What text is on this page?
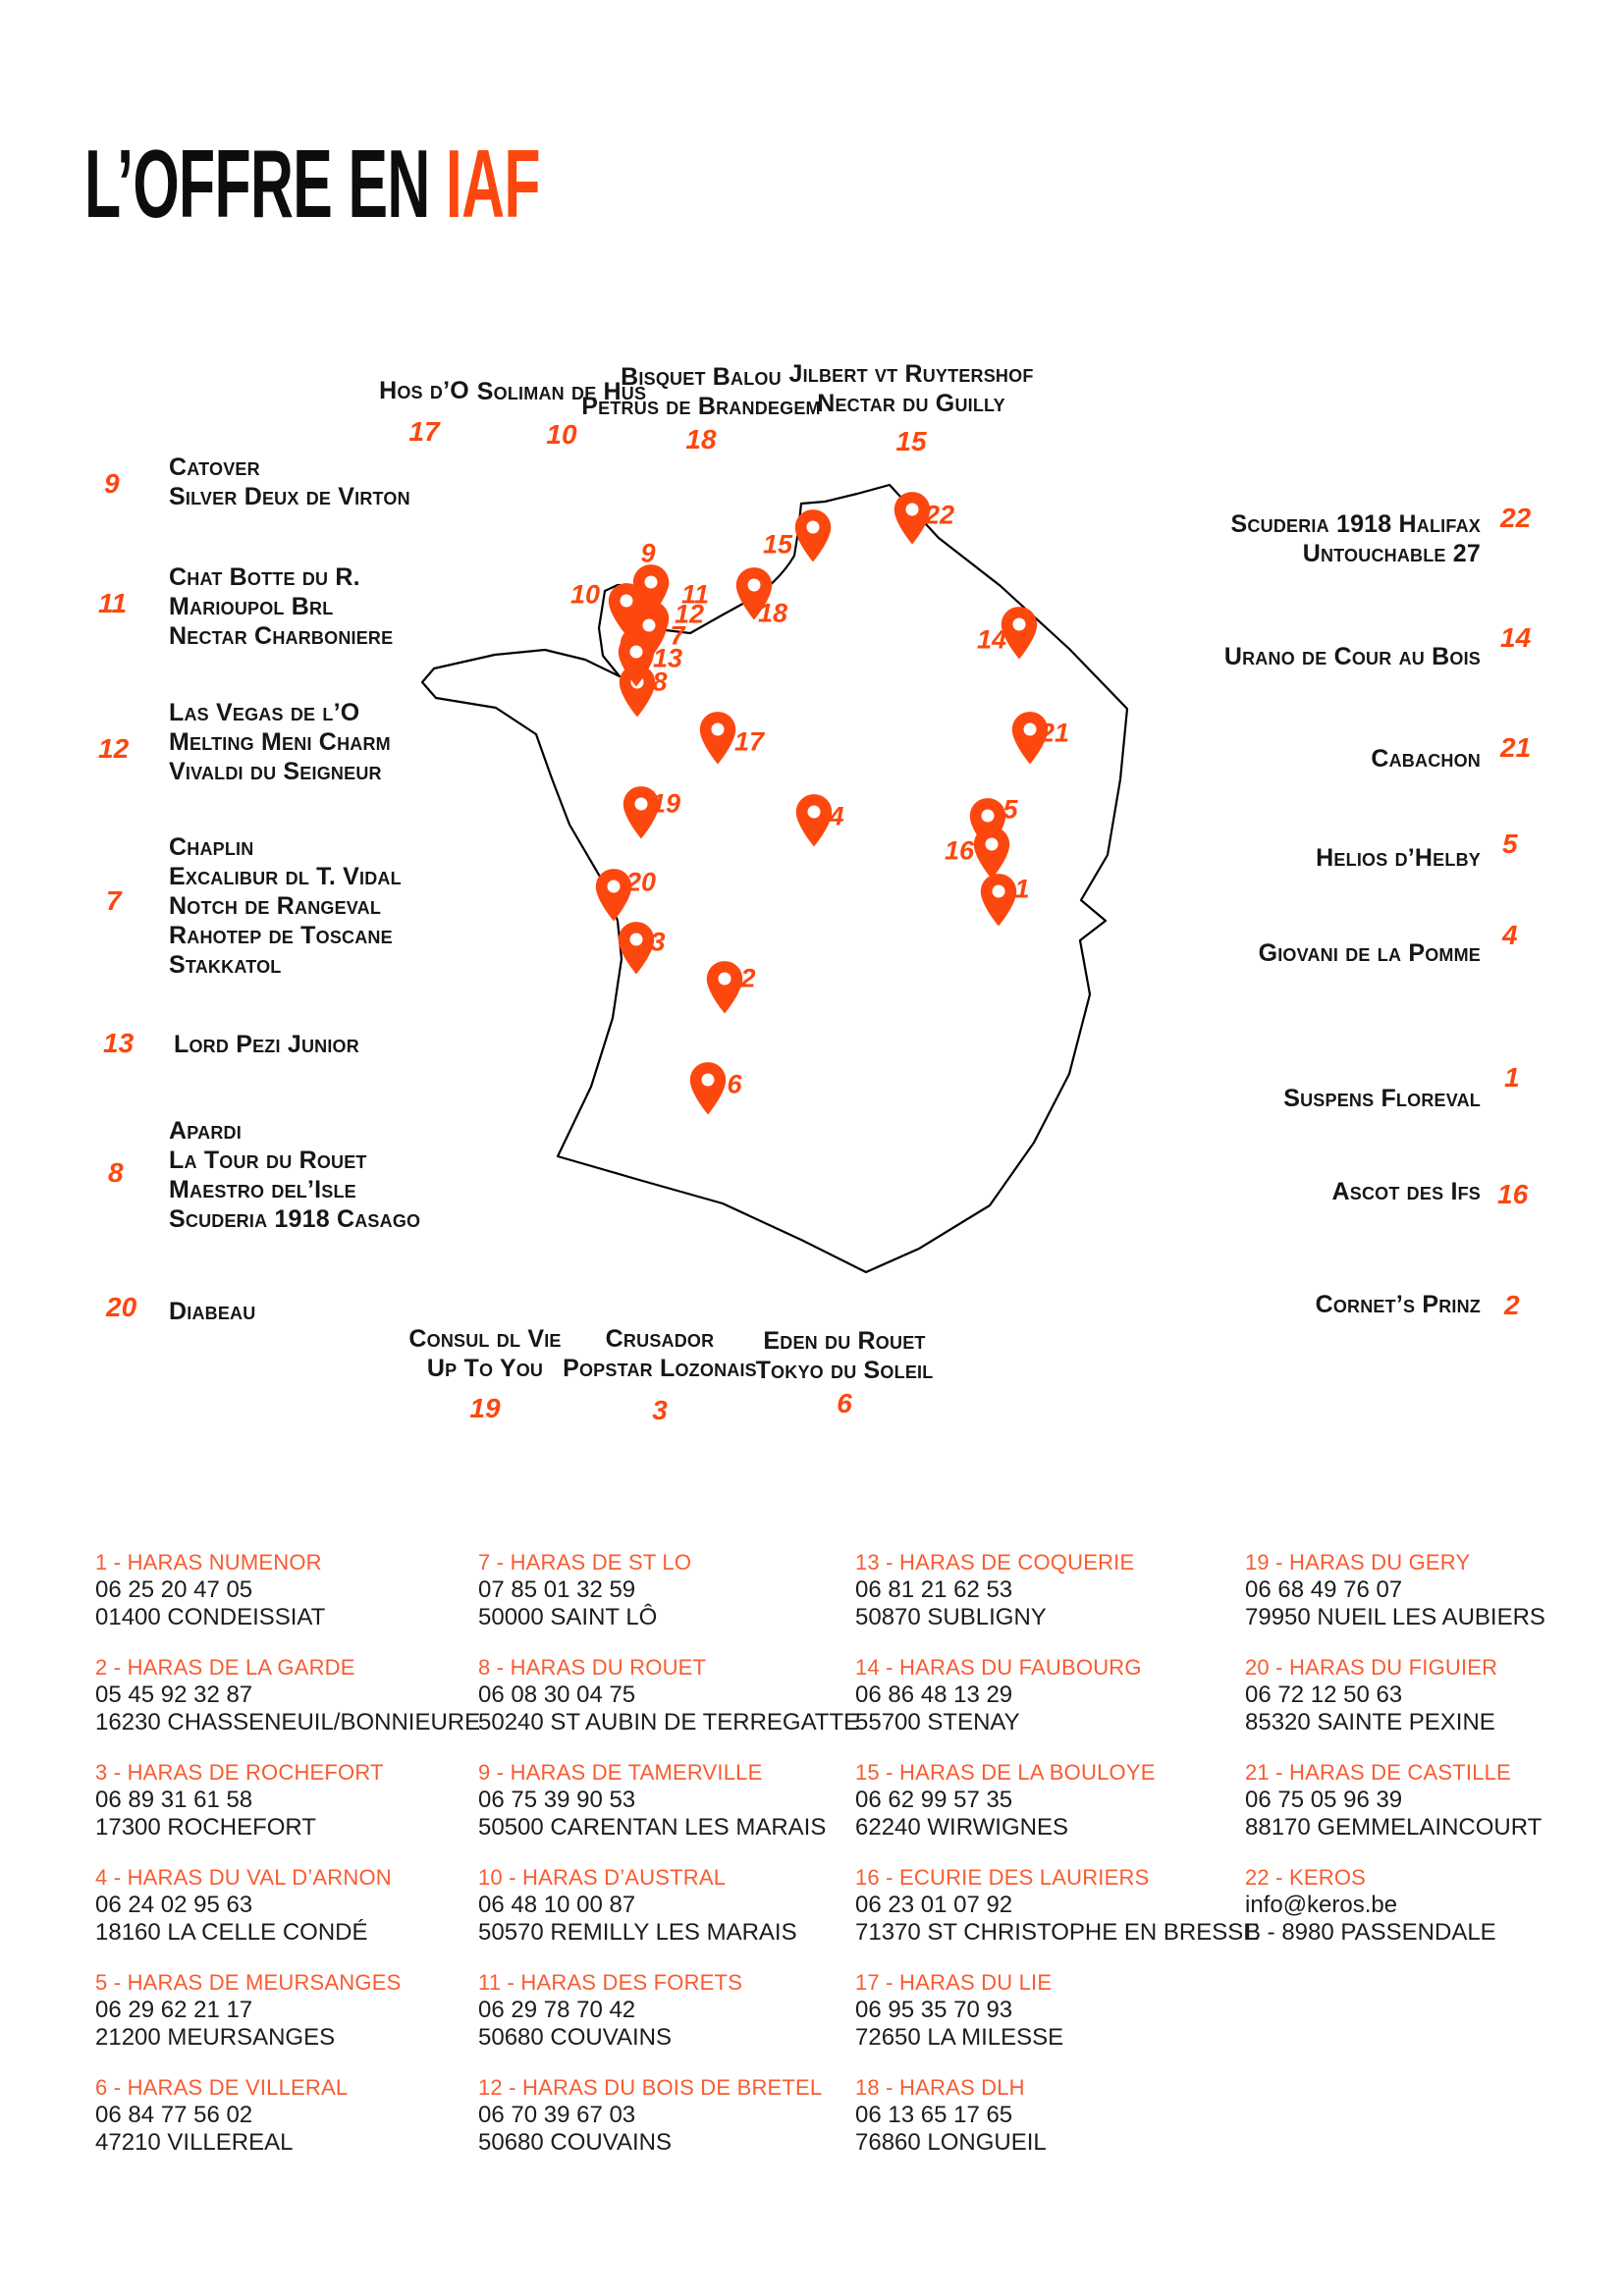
L’OFFRE EN IAF
Catover
Silver Deux de Virton
9
Chat Botte du R.
Marioupol Brl
Nectar Charboniere
11
Las Vegas de l’O
Melting Meni Charm
Vivaldi du Seigneur
12
Chaplin
Excalibur dl T. Vidal
Notch de Rangeval
Rahotep de Toscane
Stakkatol
7
Lord Pezi Junior
13
Apardi
La Tour du Rouet
Maestro del’Isle
Scuderia 1918 Casago
8
Diabeau
20
Hos d’O
17
Soliman de Hus
10
Bisquet Balou
Petrus de Brandegem
18
Jilbert vt Ruytershof
Nectar du Guilly
15
Scuderia 1918 Halifax
Untouchable 27
22
Urano de Cour au Bois
14
Cabachon 21
Helios d’Helby 5
Giovani de la Pomme
4
Suspens Floreval
1
Ascot des Ifs 16
Cornet’s Prinz 2
Consul dl Vie
Up To You
19
Crusador
Popstar Lozonais
3
Eden du Rouet
Tokyo du Soleil
6
1
2
3
4	5
6
7
8
9
10	11
12
13
14
15
16
17
18
19
20
21
22
1 - HARAS NUMENOR
06 25 20 47 05
01400 CONDEISSIAT
2 - HARAS DE LA GARDE
05 45 92 32 87
16230 CHASSENEUIL/BONNIEURE
3 - HARAS DE ROCHEFORT
06 89 31 61 58
17300 ROCHEFORT
4 - HARAS DU VAL D’ARNON
06 24 02 95 63
18160 LA CELLE CONDÉ
5 - HARAS DE MEURSANGES
06 29 62 21 17
21200 MEURSANGES
6 - HARAS DE VILLERAL
06 84 77 56 02
47210 VILLEREAL
7 - HARAS DE ST LO
07 85 01 32 59
50000 SAINT LÔ
8 - HARAS DU ROUET
06 08 30 04 75
50240 ST AUBIN DE TERREGATTE
9 - HARAS DE TAMERVILLE
06 75 39 90 53
50500 CARENTAN LES MARAIS
10 - HARAS D’AUSTRAL
06 48 10 00 87
50570 REMILLY LES MARAIS
11 - HARAS DES FORETS
06 29 78 70 42
50680 COUVAINS
12 - HARAS DU BOIS DE BRETEL
06 70 39 67 03
50680 COUVAINS
13 - HARAS DE COQUERIE
06 81 21 62 53
50870 SUBLIGNY
14 - HARAS DU FAUBOURG
06 86 48 13 29
55700 STENAY
15 - HARAS DE LA BOULOYE
06 62 99 57 35
62240 WIRWIGNES
16 - ECURIE DES LAURIERS
06 23 01 07 92
71370 ST CHRISTOPHE EN BRESSE
17 - HARAS DU LIE
06 95 35 70 93
72650 LA MILESSE
18 - HARAS DLH
06 13 65 17 65
76860 LONGUEIL
19 - HARAS DU GERY
06 68 49 76 07
79950 NUEIL LES AUBIERS
20 - HARAS DU FIGUIER
06 72 12 50 63
85320 SAINTE PEXINE
21 - HARAS DE CASTILLE
06 75 05 96 39
88170 GEMMELAINCOURT
22 - KEROS
info@keros.be
B - 8980 PASSENDALE
